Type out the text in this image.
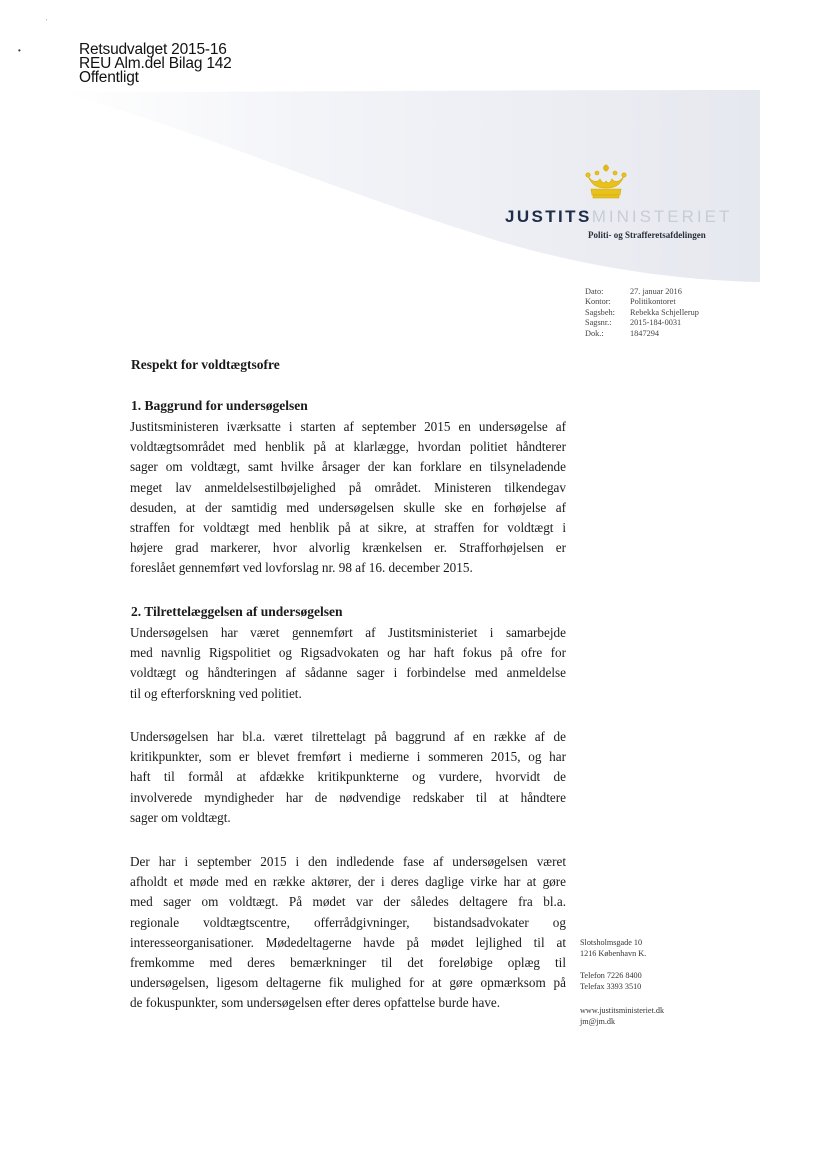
˒
•	Retsudvalget 2015-16
REU Alm.del Bilag 142
Offentligt
JUSTITSMINISTERIET
Politi- og Strafferetsafdelingen
Dato:	27. januar 2016
Kontor:	Politikontoret
Sagsbeh:	Rebekka Schjellerup
Sagsnr.:	2015-184-0031
Dok.:	1847294
Respekt for voldtægtsofre
1. Baggrund for undersøgelsen
Justitsministeren iværksatte i starten af september 2015 en undersøgelse af
voldtægtsområdet med henblik på at klarlægge, hvordan politiet håndterer
sager om voldtægt, samt hvilke årsager der kan forklare en tilsyneladende
meget lav anmeldelsestilbøjelighed på området. Ministeren tilkendegav
desuden, at der samtidig med undersøgelsen skulle ske en forhøjelse af
straffen for voldtægt med henblik på at sikre, at straffen for voldtægt i
højere grad markerer, hvor alvorlig krænkelsen er. Strafforhøjelsen er
foreslået gennemført ved lovforslag nr. 98 af 16. december 2015.
2. Tilrettelæggelsen af undersøgelsen
Undersøgelsen har været gennemført af Justitsministeriet i samarbejde
med navnlig Rigspolitiet og Rigsadvokaten og har haft fokus på ofre for
voldtægt og håndteringen af sådanne sager i forbindelse med anmeldelse
til og efterforskning ved politiet.
Undersøgelsen har bl.a. været tilrettelagt på baggrund af en række af de
kritikpunkter, som er blevet fremført i medierne i sommeren 2015, og har
haft til formål at afdække kritikpunkterne og vurdere, hvorvidt de
involverede myndigheder har de nødvendige redskaber til at håndtere
sager om voldtægt.
Der har i september 2015 i den indledende fase af undersøgelsen været
afholdt et møde med en række aktører, der i deres daglige virke har at gøre
med sager om voldtægt. På mødet var der således deltagere fra bl.a.
regionale voldtægtscentre, offerrådgivninger, bistandsadvokater og
interesseorganisationer. Mødedeltagerne havde på mødet lejlighed til at
fremkomme med deres bemærkninger til det foreløbige oplæg til
undersøgelsen, ligesom deltagerne fik mulighed for at gøre opmærksom på
de fokuspunkter, som undersøgelsen efter deres opfattelse burde have.
Slotsholmsgade 10
1216 København K.
Telefon 7226 8400
Telefax 3393 3510
www.justitsministeriet.dk
jm@jm.dk
